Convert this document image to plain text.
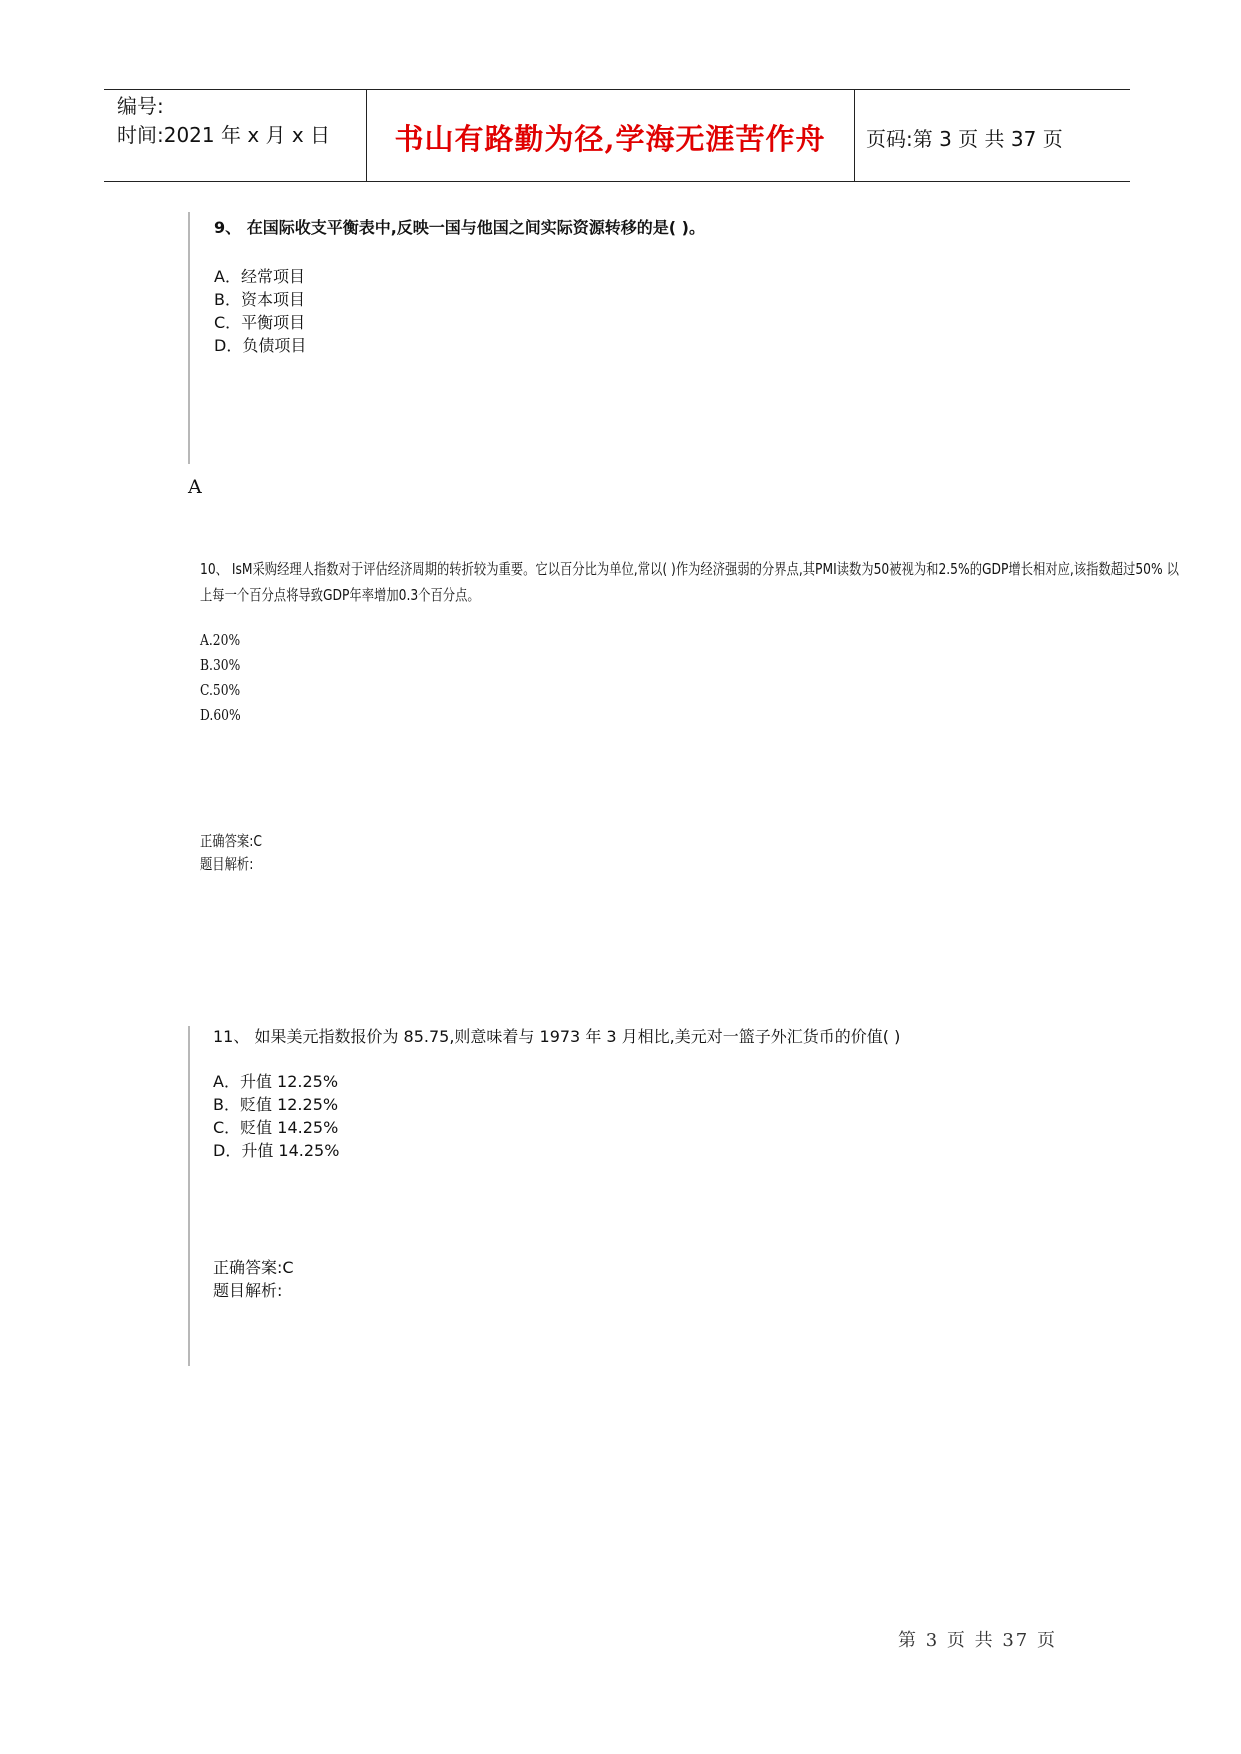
编号:
时间:2021 年 x 月 x 日	书山有路勤为径,学海无涯苦作舟	页码:第 3 页 共 37 页
9、 在国际收支平衡表中,反映一国与他国之间实际资源转移的是( )。
A．经常项目
B．资本项目
C．平衡项目
D．负债项目
A
10、 IsM采购经理人指数对于评估经济周期的转折较为重要。它以百分比为单位,常以( )作为经济强弱的分界点,其PMI读数为50被视为和2.5%的GDP增长相对应,该指数超过50% 以
上每一个百分点将导致GDP年率增加0.3个百分点。
A.20%
B.30%
C.50%
D.60%
正确答案:C
题目解析:
11、 如果美元指数报价为 85.75,则意味着与 1973 年 3 月相比,美元对一篮子外汇货币的价值( )
A．升值 12.25%
B．贬值 12.25%
C．贬值 14.25%
D．升值 14.25%
正确答案:C
题目解析:
第 3 页 共 37 页
